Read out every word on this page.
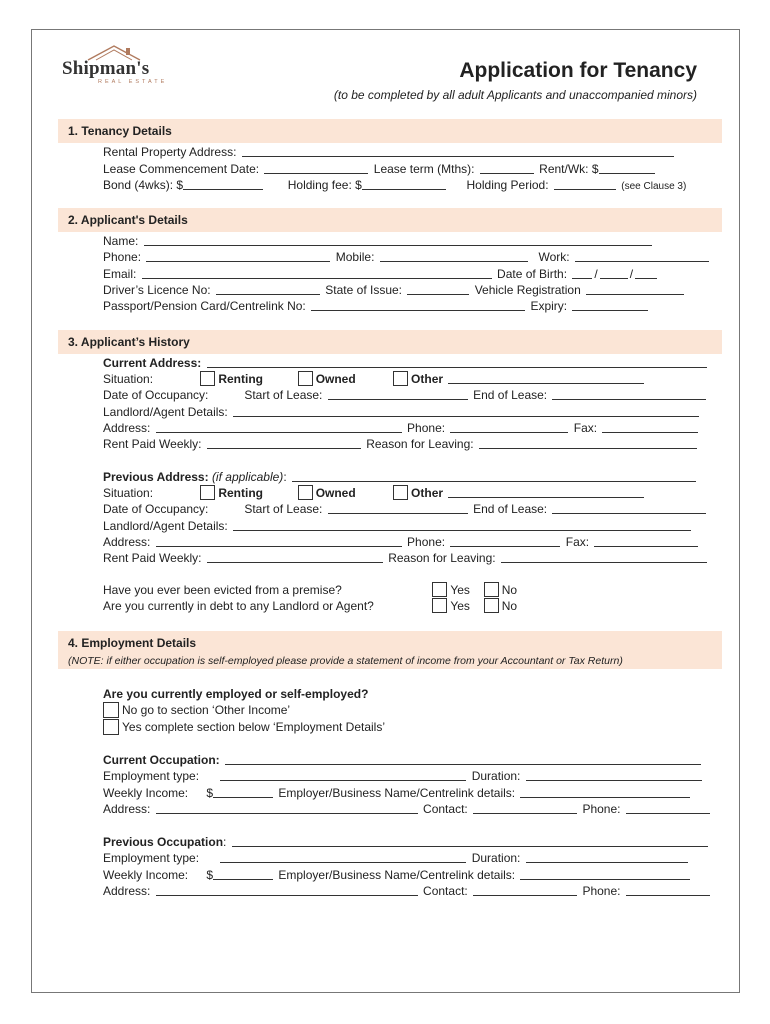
Shipman's
REAL ESTATE	Application for Tenancy
(to be completed by all adult Applicants and unaccompanied minors)
1. Tenancy Details
Rental Property Address:
Lease Commencement Date:	Lease term (Mths):	Rent/Wk: $
Bond (4wks): $	Holding fee: $	Holding Period:	(see Clause 3)
2. Applicant's Details
Name:
Phone:	Mobile:	Work:
Email:	Date of Birth: /	/
Driver’s Licence No:	State of Issue:	Vehicle Registration
Passport/Pension Card/Centrelink No:	Expiry:
3. Applicant’s History
Current Address:
Situation:	Renting	Owned	Other
Date of Occupancy:	Start of Lease:	End of Lease:
Landlord/Agent Details:
Address:	Phone:	Fax:
Rent Paid Weekly:	Reason for Leaving:
Previous Address: (if applicable):
Situation:	Renting	Owned	Other
Date of Occupancy:	Start of Lease:	End of Lease:
Landlord/Agent Details:
Address:	Phone:	Fax:
Rent Paid Weekly:	Reason for Leaving:
Have you ever been evicted from a premise?	Yes	No
Are you currently in debt to any Landlord or Agent?	Yes	No
4. Employment Details
(NOTE: if either occupation is self-employed please provide a statement of income from your Accountant or Tax Return)
Are you currently employed or self-employed?
No go to section ‘Other Income’
Yes complete section below ‘Employment Details’
Current Occupation:
Employment type:	Duration:
Weekly Income: $	Employer/Business Name/Centrelink details:
Address:	Contact:	Phone:
Previous Occupation:
Employment type:	Duration:
Weekly Income: $	Employer/Business Name/Centrelink details:
Address:	Contact:	Phone:
